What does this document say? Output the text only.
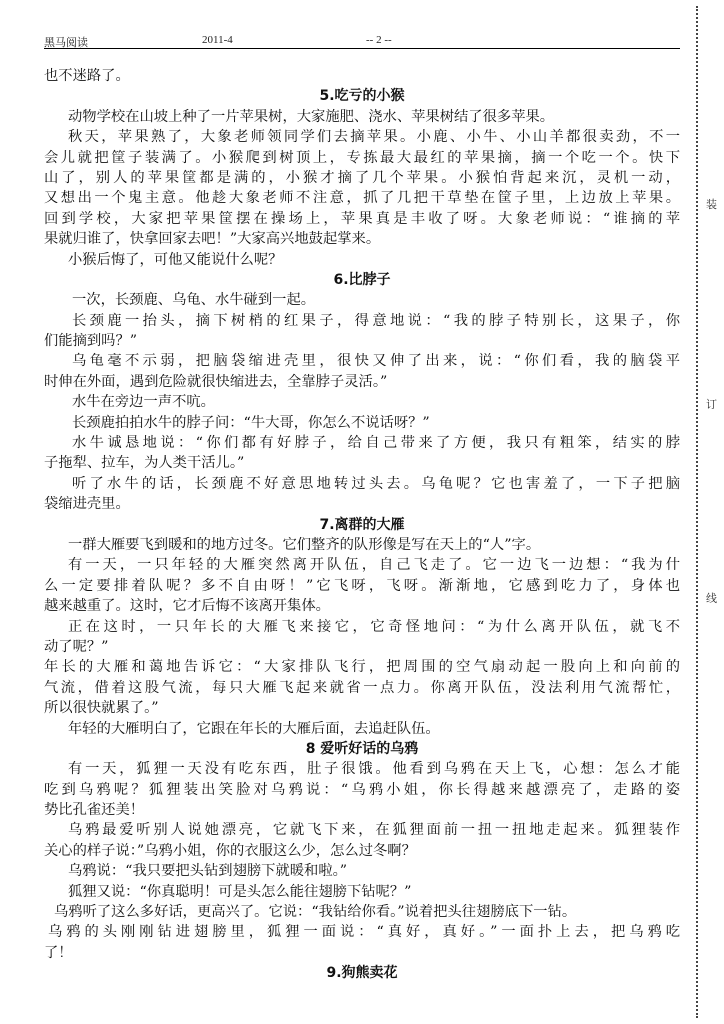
黑马阅读	2011-4	-- 2 --
装
订
线
也不迷路了。
5.吃亏的小猴
动物学校在山坡上种了一片苹果树，大家施肥、浇水、苹果树结了很多苹果。
秋天，苹果熟了，大象老师领同学们去摘苹果。小鹿、小牛、小山羊都很卖劲，不一
会儿就把筐子装满了。小猴爬到树顶上，专拣最大最红的苹果摘，摘一个吃一个。快下
山了，别人的苹果筐都是满的，小猴才摘了几个苹果。小猴怕背起来沉，灵机一动，
又想出一个鬼主意。他趁大象老师不注意，抓了几把干草垫在筐子里，上边放上苹果。
回到学校，大家把苹果筐摆在操场上，苹果真是丰收了呀。大象老师说：“谁摘的苹
果就归谁了，快拿回家去吧！”大家高兴地鼓起掌来。
小猴后悔了，可他又能说什么呢？
6.比脖子
一次，长颈鹿、乌龟、水牛碰到一起。
长颈鹿一抬头，摘下树梢的红果子，得意地说：“我的脖子特别长，这果子，你
们能摘到吗？”
乌龟毫不示弱，把脑袋缩进壳里，很快又伸了出来，说：“你们看，我的脑袋平
时伸在外面，遇到危险就很快缩进去，全靠脖子灵活。”
水牛在旁边一声不吭。
长颈鹿拍拍水牛的脖子问：“牛大哥，你怎么不说话呀？”
水牛诚恳地说：“你们都有好脖子，给自己带来了方便，我只有粗笨，结实的脖
子拖犁、拉车，为人类干活儿。”
听了水牛的话，长颈鹿不好意思地转过头去。乌龟呢？它也害羞了，一下子把脑
袋缩进壳里。
7.离群的大雁
一群大雁要飞到暖和的地方过冬。它们整齐的队形像是写在天上的“人”字。
有一天，一只年轻的大雁突然离开队伍，自己飞走了。它一边飞一边想：“我为什
么一定要排着队呢？多不自由呀！”它飞呀，飞呀。渐渐地，它感到吃力了，身体也
越来越重了。这时，它才后悔不该离开集体。
正在这时，一只年长的大雁飞来接它，它奇怪地问：“为什么离开队伍，就飞不
动了呢？”
年长的大雁和蔼地告诉它：“大家排队飞行，把周围的空气扇动起一股向上和向前的
气流，借着这股气流，每只大雁飞起来就省一点力。你离开队伍，没法利用气流帮忙，
所以很快就累了。”
年轻的大雁明白了，它跟在年长的大雁后面，去追赶队伍。
8 爱听好话的乌鸦
有一天，狐狸一天没有吃东西，肚子很饿。他看到乌鸦在天上飞，心想：怎么才能
吃到乌鸦呢？狐狸装出笑脸对乌鸦说：“乌鸦小姐，你长得越来越漂亮了，走路的姿
势比孔雀还美！
乌鸦最爱听别人说她漂亮，它就飞下来，在狐狸面前一扭一扭地走起来。狐狸装作
关心的样子说：”乌鸦小姐，你的衣服这么少，怎么过冬啊？
乌鸦说：“我只要把头钻到翅膀下就暖和啦。”
狐狸又说：“你真聪明！可是头怎么能往翅膀下钻呢？”
乌鸦听了这么多好话，更高兴了。它说：“我钻给你看。”说着把头往翅膀底下一钻。
乌鸦的头刚刚钻进翅膀里，狐狸一面说：“真好，真好。”一面扑上去，把乌鸦吃
了！
9.狗熊卖花
